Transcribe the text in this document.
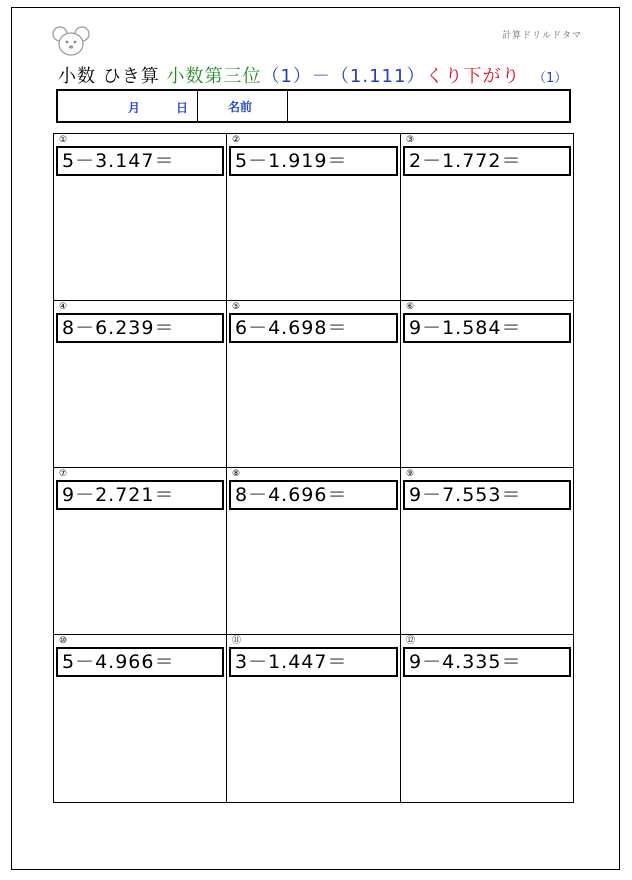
計算ドリルドタマ
小数 ひき算 小数第三位（1）－（1.111）くり下がり （1）
月	日	名前
①
5－3.147＝
②
5－1.919＝
③
2－1.772＝
④
8－6.239＝
⑤
6－4.698＝
⑥
9－1.584＝
⑦
9－2.721＝
⑧
8－4.696＝
⑨
9－7.553＝
⑩
5－4.966＝
⑪
3－1.447＝
⑫
9－4.335＝
